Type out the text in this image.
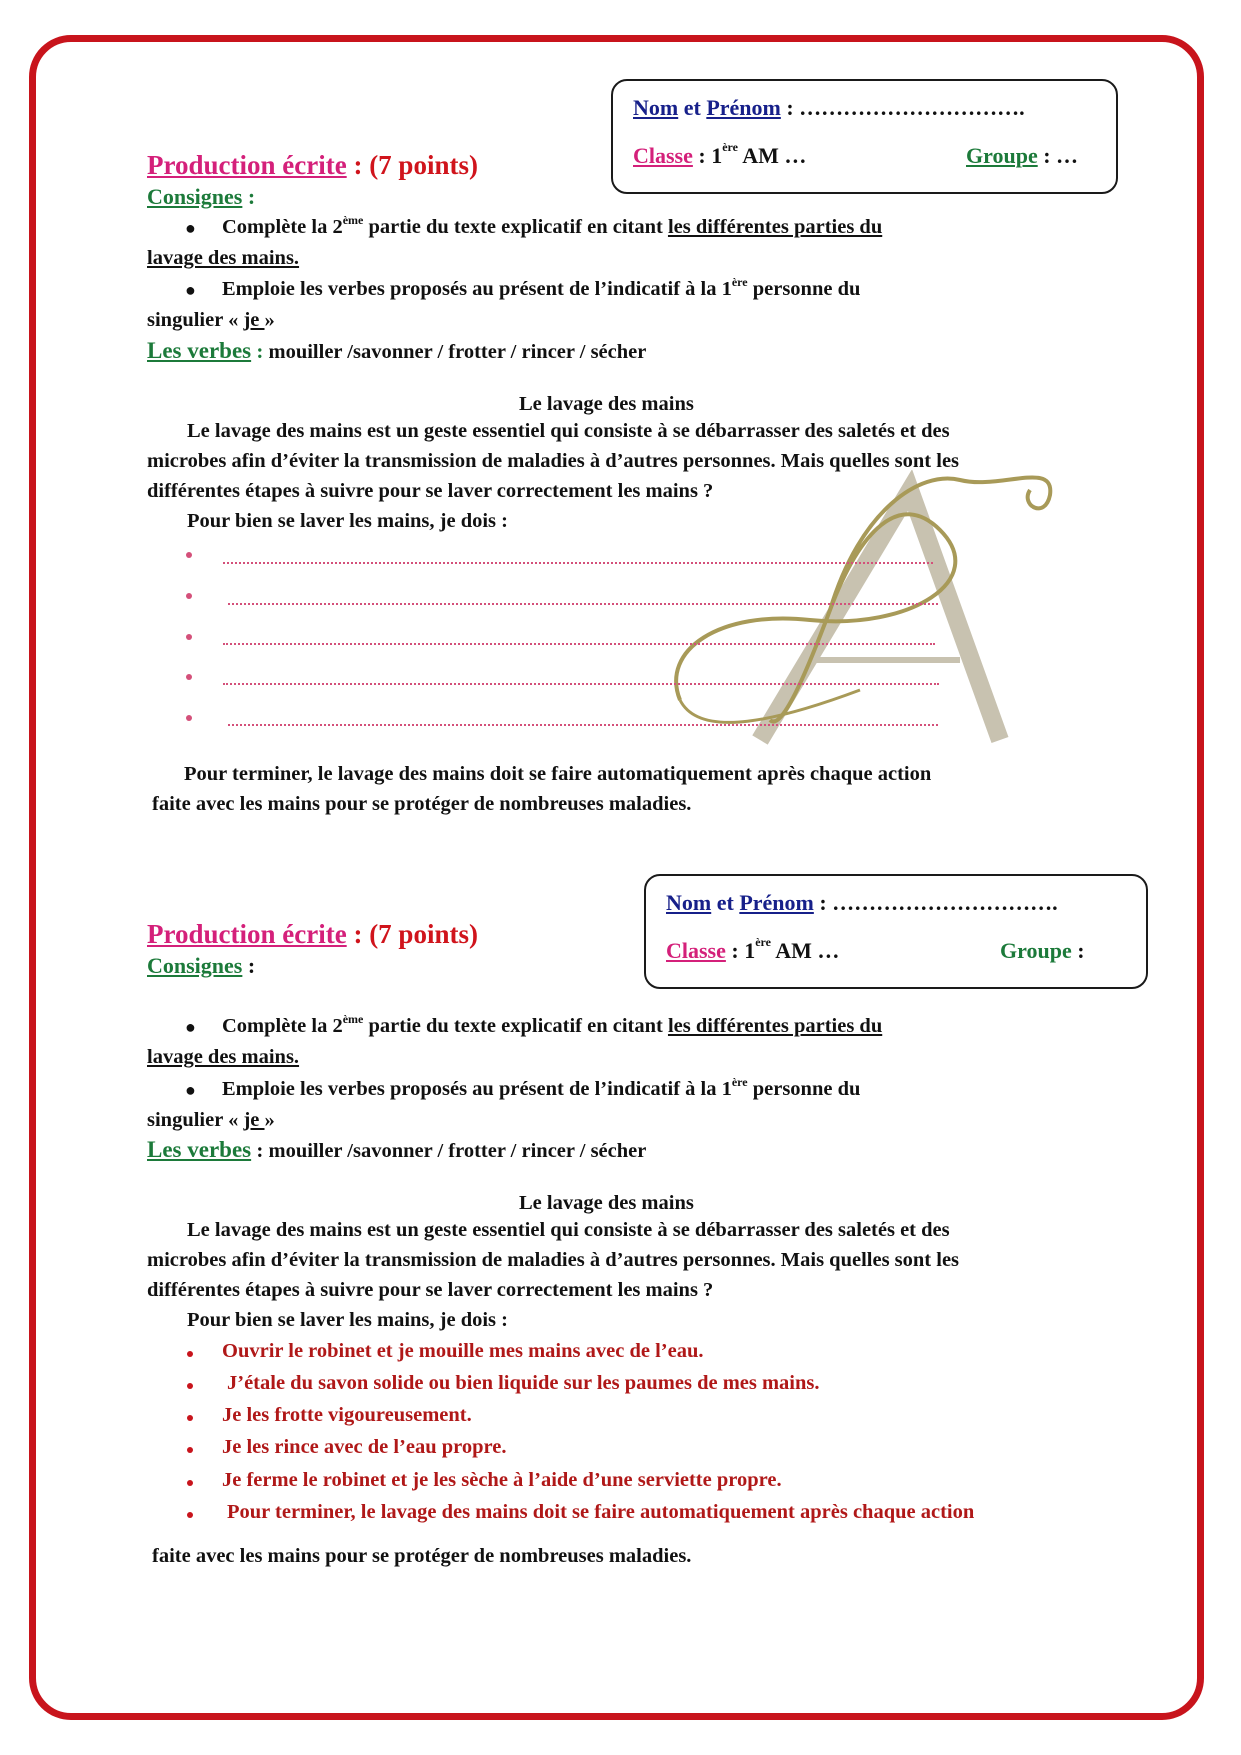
Nom et Prénom : ………………………….
Classe : 1ère AM …	Groupe : …
Production écrite : (7 points)
Consignes :
● Complète la 2ème partie du texte explicatif en citant les différentes parties du
lavage des mains.
● Emploie les verbes proposés au présent de l’indicatif à la 1ère personne du
singulier « je »
Les verbes : mouiller /savonner / frotter / rincer / sécher
Le lavage des mains
Le lavage des mains est un geste essentiel qui consiste à se débarrasser des saletés et des
microbes afin d’éviter la transmission de maladies à d’autres personnes. Mais quelles sont les
différentes étapes à suivre pour se laver correctement les mains ?
Pour bien se laver les mains, je dois :
Pour terminer, le lavage des mains doit se faire automatiquement après chaque action
faite avec les mains pour se protéger de nombreuses maladies.
Nom et Prénom : ………………………….
Classe : 1ère AM …	Groupe :
Production écrite : (7 points)
Consignes :
● Complète la 2ème partie du texte explicatif en citant les différentes parties du
lavage des mains.
● Emploie les verbes proposés au présent de l’indicatif à la 1ère personne du
singulier « je »
Les verbes : mouiller /savonner / frotter / rincer / sécher
Le lavage des mains
Le lavage des mains est un geste essentiel qui consiste à se débarrasser des saletés et des
microbes afin d’éviter la transmission de maladies à d’autres personnes. Mais quelles sont les
différentes étapes à suivre pour se laver correctement les mains ?
Pour bien se laver les mains, je dois :
Ouvrir le robinet et je mouille mes mains avec de l’eau.
J’étale du savon solide ou bien liquide sur les paumes de mes mains.
Je les frotte vigoureusement.
Je les rince avec de l’eau propre.
Je ferme le robinet et je les sèche à l’aide d’une serviette propre.
Pour terminer, le lavage des mains doit se faire automatiquement après chaque action
faite avec les mains pour se protéger de nombreuses maladies.
